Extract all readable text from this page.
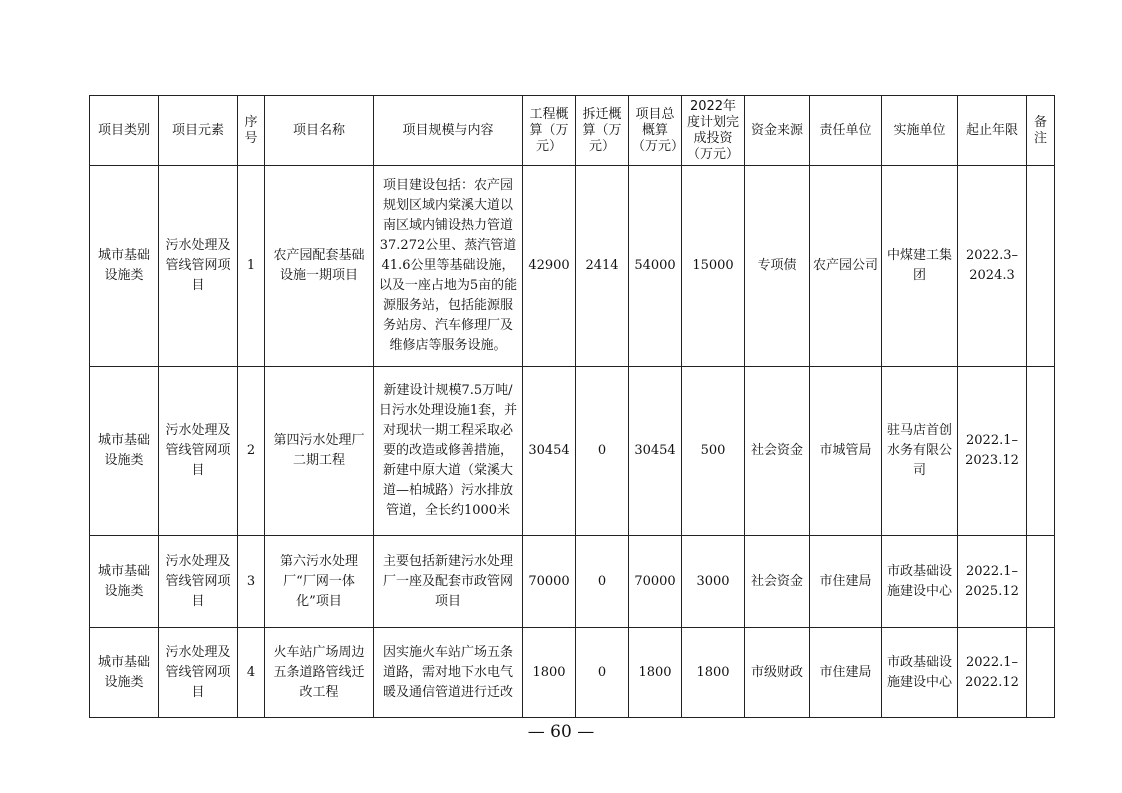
项目类别	项目元素	序号	项目名称	项目规模与内容	工程概算（万元）	拆迁概算（万元）	项目总概算（万元）	2022年度计划完成投资（万元）	资金来源	责任单位	实施单位	起止年限	备注
城市基础设施类	污水处理及管线管网项目	1	农产园配套基础设施一期项目	项目建设包括：农产园规划区域内棠溪大道以南区域内铺设热力管道37.272公里、蒸汽管道41.6公里等基础设施，以及一座占地为5亩的能源服务站，包括能源服务站房、汽车修理厂及维修店等服务设施。	42900	2414	54000	15000	专项债	农产园公司	中煤建工集团	2022.3–2024.3	
城市基础设施类	污水处理及管线管网项目	2	第四污水处理厂二期工程	新建设计规模7.5万吨/日污水处理设施1套，并对现状一期工程采取必要的改造或修善措施，新建中原大道（棠溪大道—柏城路）污水排放管道，全长约1000米	30454	0	30454	500	社会资金	市城管局	驻马店首创水务有限公司	2022.1–2023.12	
城市基础设施类	污水处理及管线管网项目	3	第六污水处理厂“厂网一体化”项目	主要包括新建污水处理厂一座及配套市政管网项目	70000	0	70000	3000	社会资金	市住建局	市政基础设施建设中心	2022.1–2025.12	
城市基础设施类	污水处理及管线管网项目	4	火车站广场周边五条道路管线迁改工程	因实施火车站广场五条道路，需对地下水电气暖及通信管道进行迁改	1800	0	1800	1800	市级财政	市住建局	市政基础设施建设中心	2022.1–2022.12	
— 60 —
